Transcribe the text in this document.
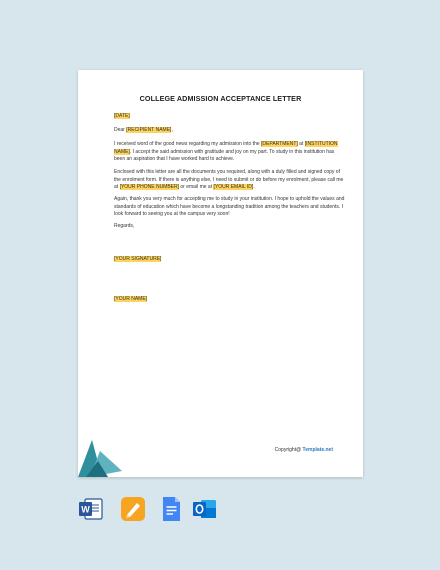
COLLEGE ADMISSION ACCEPTANCE LETTER
[DATE]
Dear [RECIPIENT NAME],
I received word of the good news regarding my admission into the [DEPARTMENT] at [INSTITUTION NAME]. I accept the said admission with gratitude and joy on my part. To study in this institution has been an aspiration that I have worked hard to achieve.
Enclosed with this letter are all the documents you required, along with a duly filled and signed copy of the enrolment form. If there is anything else, I need to submit or do before my enrolment, please call me at [YOUR PHONE NUMBER] or email me at [YOUR EMAIL ID].
Again, thank you very much for accepting me to study in your institution. I hope to uphold the values and standards of education which have become a longstanding tradition among the teachers and students. I look forward to seeing you at the campus very soon!
Regards,
[YOUR SIGNATURE]
[YOUR NAME]
Copyright@ Template.net
W
